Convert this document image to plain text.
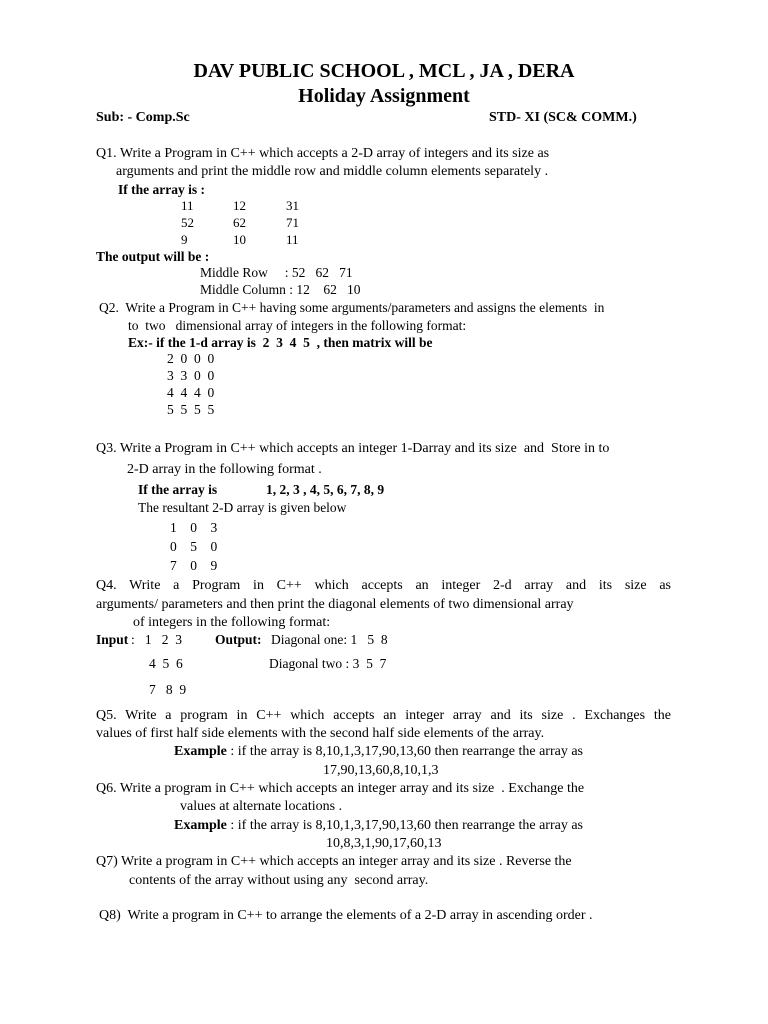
DAV PUBLIC SCHOOL , MCL , JA , DERA
Holiday Assignment
Sub: - Comp.Sc	STD- XI (SC& COMM.)
Q1. Write a Program in C++ which accepts a 2-D array of integers and its size as
arguments and print the middle row and middle column elements separately .
If the array is :
11	12	31
52	62	71
9	10	11
The output will be :
Middle Row     : 52   62   71
Middle Column : 12    62   10
Q2.  Write a Program in C++ having some arguments/parameters and assigns the elements  in
to  two   dimensional array of integers in the following format:
Ex:- if the 1-d array is  2  3  4  5  , then matrix will be
2  0  0  0
3  3  0  0
4  4  4  0
5  5  5  5
Q3. Write a Program in C++ which accepts an integer 1-Darray and its size  and  Store in to
2-D array in the following format .
If the array is	1, 2, 3 , 4, 5, 6, 7, 8, 9
The resultant 2-D array is given below
1    0    3
0    5    0
7    0    9
Q4. Write a Program in C++ which accepts an integer 2-d array and its size as
arguments/ parameters and then print the diagonal elements of two dimensional array
of integers in the following format:
Input :   1   2  3 Output: Diagonal one: 1   5  8
4  5  6	Diagonal two : 3  5  7
7   8  9
Q5. Write a program in C++ which accepts an integer array and its size . Exchanges the
values of first half side elements with the second half side elements of the array.
Example : if the array is 8,10,1,3,17,90,13,60 then rearrange the array as
17,90,13,60,8,10,1,3
Q6. Write a program in C++ which accepts an integer array and its size  . Exchange the
values at alternate locations .
Example : if the array is 8,10,1,3,17,90,13,60 then rearrange the array as
10,8,3,1,90,17,60,13
Q7) Write a program in C++ which accepts an integer array and its size . Reverse the
contents of the array without using any  second array.
Q8)  Write a program in C++ to arrange the elements of a 2-D array in ascending order .
